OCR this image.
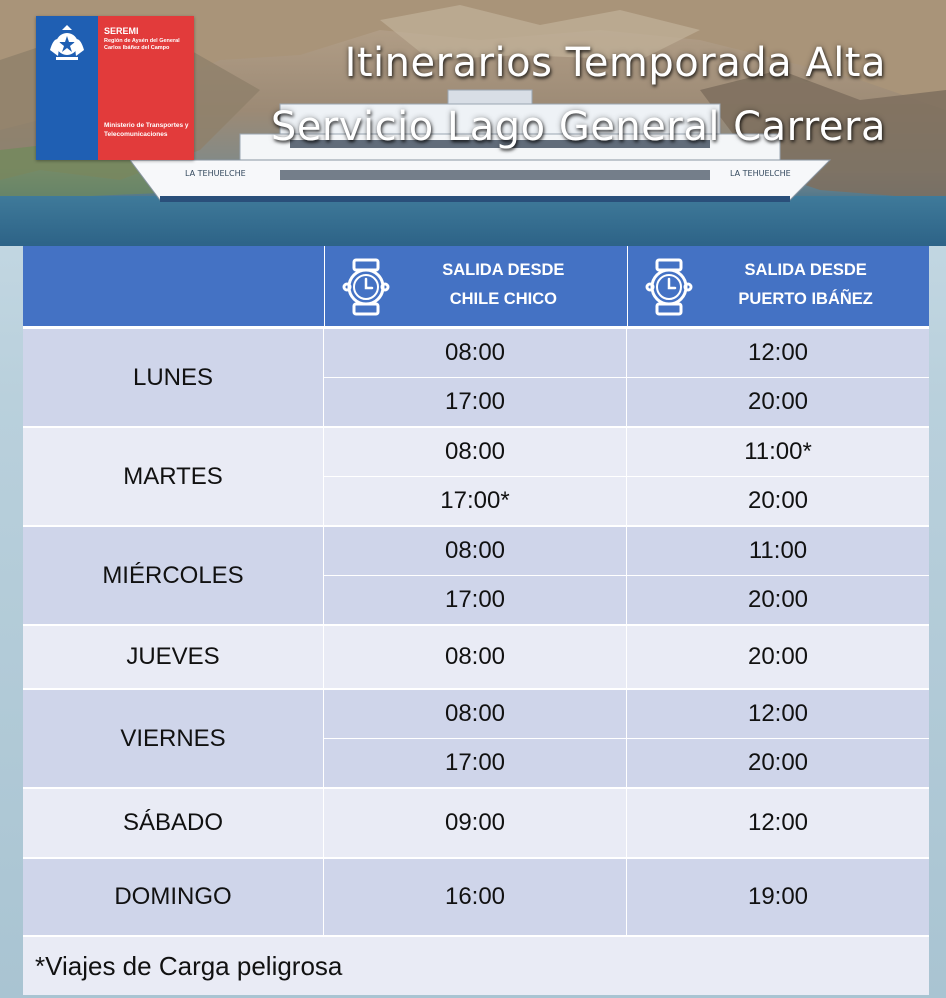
LA TEHUELCHE	LA TEHUELCHE
Itinerarios Temporada Alta
Servicio Lago General Carrera
SEREMI
Región de Aysén del General Carlos Ibáñez del Campo
Ministerio de Transportes y Telecomunicaciones
SALIDA DESDE
CHILE CHICO
SALIDA DESDE
PUERTO IBÁÑEZ
LUNES
08:00	12:00
17:00	20:00
MARTES
08:00	11:00*
17:00*	20:00
MIÉRCOLES
08:00	11:00
17:00	20:00
JUEVES	08:00	20:00
VIERNES
08:00	12:00
17:00	20:00
SÁBADO	09:00	12:00
DOMINGO	16:00	19:00
*Viajes de Carga peligrosa
